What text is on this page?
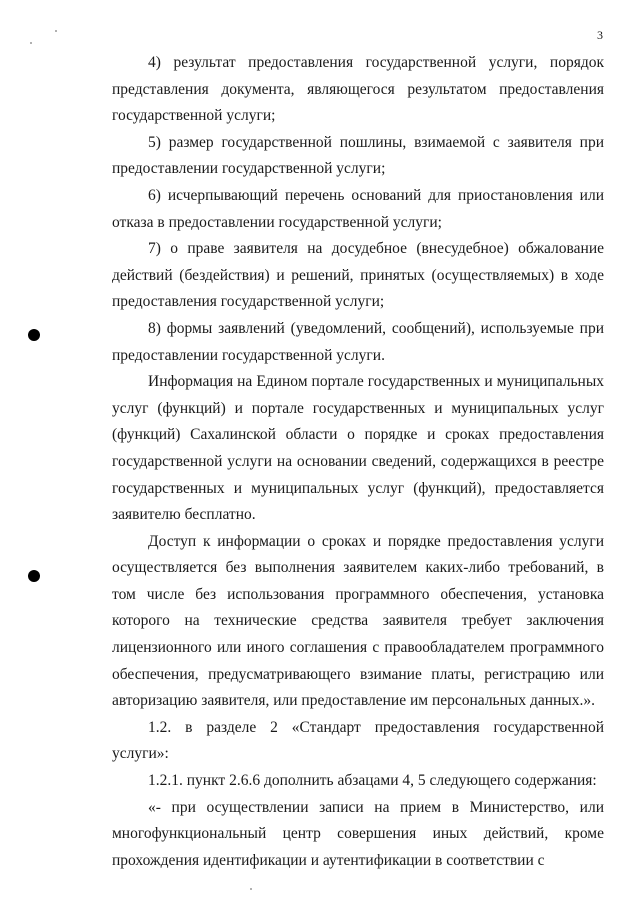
3

4) результат предоставления государственной услуги, порядок представления документа, являющегося результатом предоставления государственной услуги;

5) размер государственной пошлины, взимаемой с заявителя при предоставлении государственной услуги;

6) исчерпывающий перечень оснований для приостановления или отказа в предоставлении государственной услуги;

7) о праве заявителя на досудебное (внесудебное) обжалование действий (бездействия) и решений, принятых (осуществляемых) в ходе предоставления государственной услуги;

8) формы заявлений (уведомлений, сообщений), используемые при предоставлении государственной услуги.

Информация на Едином портале государственных и муниципальных услуг (функций) и портале государственных и муниципальных услуг (функций) Сахалинской области о порядке и сроках предоставления государственной услуги на основании сведений, содержащихся в реестре государственных и муниципальных услуг (функций), предоставляется заявителю бесплатно.

Доступ к информации о сроках и порядке предоставления услуги осуществляется без выполнения заявителем каких-либо требований, в том числе без использования программного обеспечения, установка которого на технические средства заявителя требует заключения лицензионного или иного соглашения с правообладателем программного обеспечения, предусматривающего взимание платы, регистрацию или авторизацию заявителя, или предоставление им персональных данных.».

1.2. в разделе 2 «Стандарт предоставления государственной услуги»:

1.2.1. пункт 2.6.6 дополнить абзацами 4, 5 следующего содержания:

«- при осуществлении записи на прием в Министерство, или многофункциональный центр совершения иных действий, кроме прохождения идентификации и аутентификации в соответствии с
